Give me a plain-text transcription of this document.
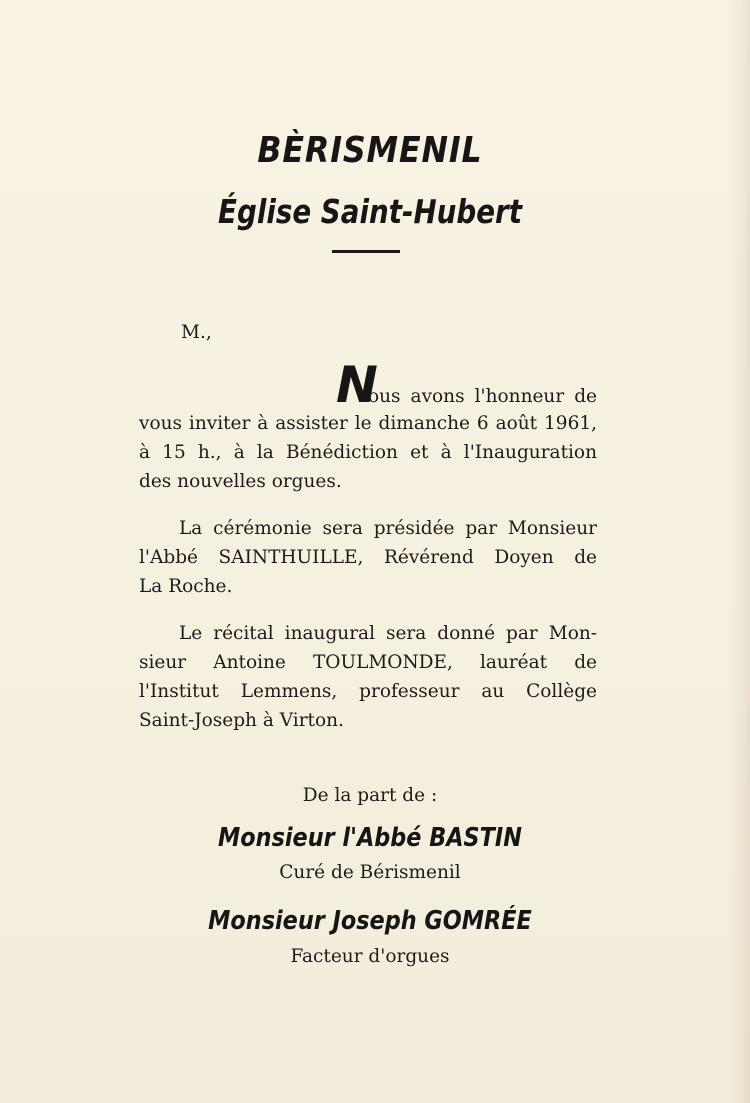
BÈRISMENIL
Église Saint-Hubert
M.,
N
ous avons l'honneur de
vous inviter à assister le dimanche 6 août 1961,
à 15 h., à la Bénédiction et à l'Inauguration
des nouvelles orgues.
La cérémonie sera présidée par Monsieur
l'Abbé SAINTHUILLE, Révérend Doyen de
La Roche.
Le récital inaugural sera donné par Mon-
sieur Antoine TOULMONDE, lauréat de
l'Institut Lemmens, professeur au Collège
Saint-Joseph à Virton.
De la part de :
Monsieur l'Abbé BASTIN
Curé de Bérismenil
Monsieur Joseph GOMRÉE
Facteur d'orgues
